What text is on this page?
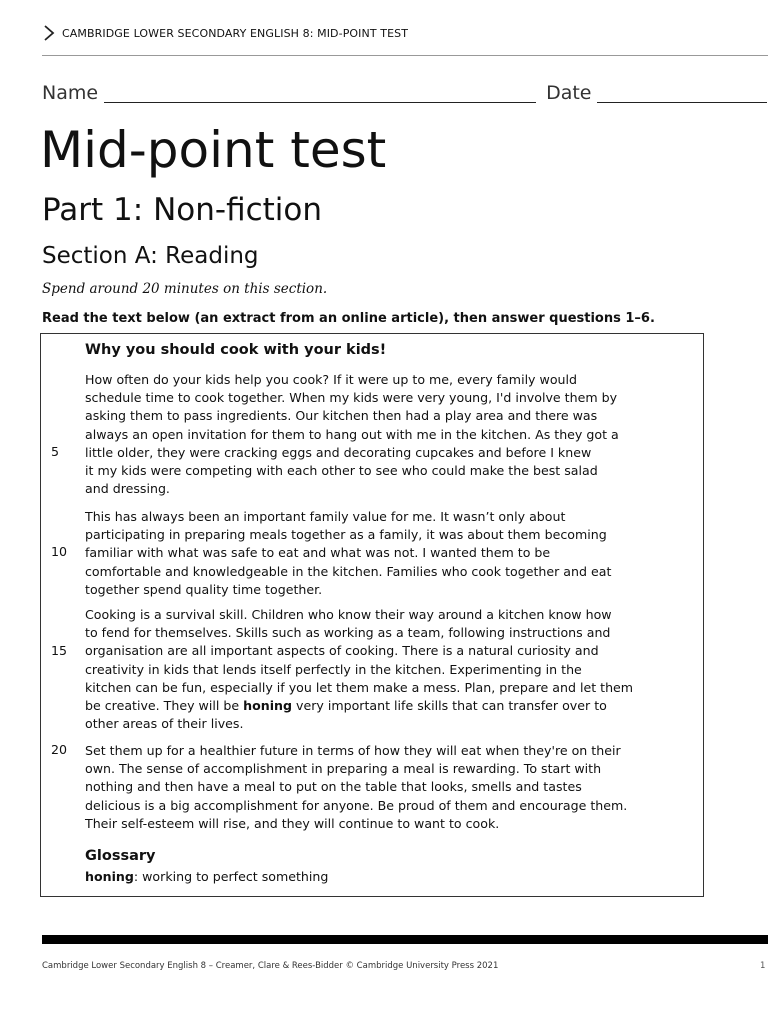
CAMBRIDGE LOWER SECONDARY ENGLISH 8: MID-POINT TEST
Name	Date
Mid-point test
Part 1: Non-fiction
Section A: Reading
Spend around 20 minutes on this section.
Read the text below (an extract from an online article), then answer questions 1–6.
Why you should cook with your kids!
How often do your kids help you cook? If it were up to me, every family would
schedule time to cook together. When my kids were very young, I'd involve them by
asking them to pass ingredients. Our kitchen then had a play area and there was
always an open invitation for them to hang out with me in the kitchen. As they got a
little older, they were cracking eggs and decorating cupcakes and before I knew
it my kids were competing with each other to see who could make the best salad
and dressing.
This has always been an important family value for me. It wasn’t only about
participating in preparing meals together as a family, it was about them becoming
familiar with what was safe to eat and what was not. I wanted them to be
comfortable and knowledgeable in the kitchen. Families who cook together and eat
together spend quality time together.
Cooking is a survival skill. Children who know their way around a kitchen know how
to fend for themselves. Skills such as working as a team, following instructions and
organisation are all important aspects of cooking. There is a natural curiosity and
creativity in kids that lends itself perfectly in the kitchen. Experimenting in the
kitchen can be fun, especially if you let them make a mess. Plan, prepare and let them
be creative. They will be honing very important life skills that can transfer over to
other areas of their lives.
Set them up for a healthier future in terms of how they will eat when they're on their
own. The sense of accomplishment in preparing a meal is rewarding. To start with
nothing and then have a meal to put on the table that looks, smells and tastes
delicious is a big accomplishment for anyone. Be proud of them and encourage them.
Their self-esteem will rise, and they will continue to want to cook.
5
10
15
20
Glossary
honing: working to perfect something
Cambridge Lower Secondary English 8 – Creamer, Clare & Rees-Bidder © Cambridge University Press 2021	1
